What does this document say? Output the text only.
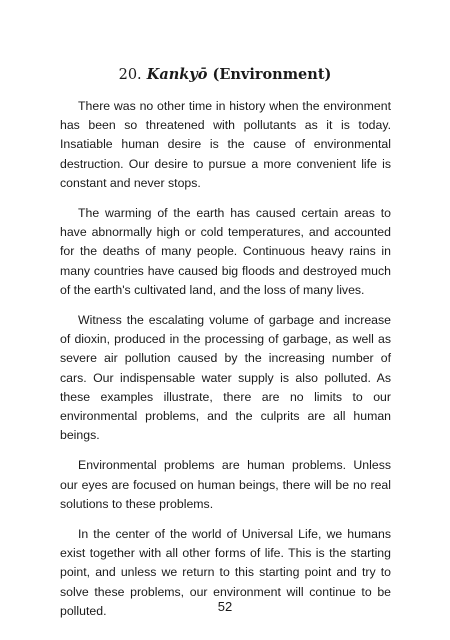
20. Kankyō (Environment)

There was no other time in history when the environment has been so threatened with pollutants as it is today. Insatiable human desire is the cause of environmental destruction. Our desire to pursue a more convenient life is constant and never stops.

The warming of the earth has caused certain areas to have abnormally high or cold temperatures, and accounted for the deaths of many people. Continuous heavy rains in many countries have caused big floods and destroyed much of the earth's cultivated land, and the loss of many lives.

Witness the escalating volume of garbage and increase of dioxin, produced in the processing of garbage, as well as severe air pollution caused by the increasing number of cars. Our indispensable water supply is also polluted. As these examples illustrate, there are no limits to our environmental problems, and the culprits are all human beings.

Environmental problems are human problems. Unless our eyes are focused on human beings, there will be no real solutions to these problems.

In the center of the world of Universal Life, we humans exist together with all other forms of life. This is the starting point, and unless we return to this starting point and try to solve these problems, our environment will continue to be polluted.	52
